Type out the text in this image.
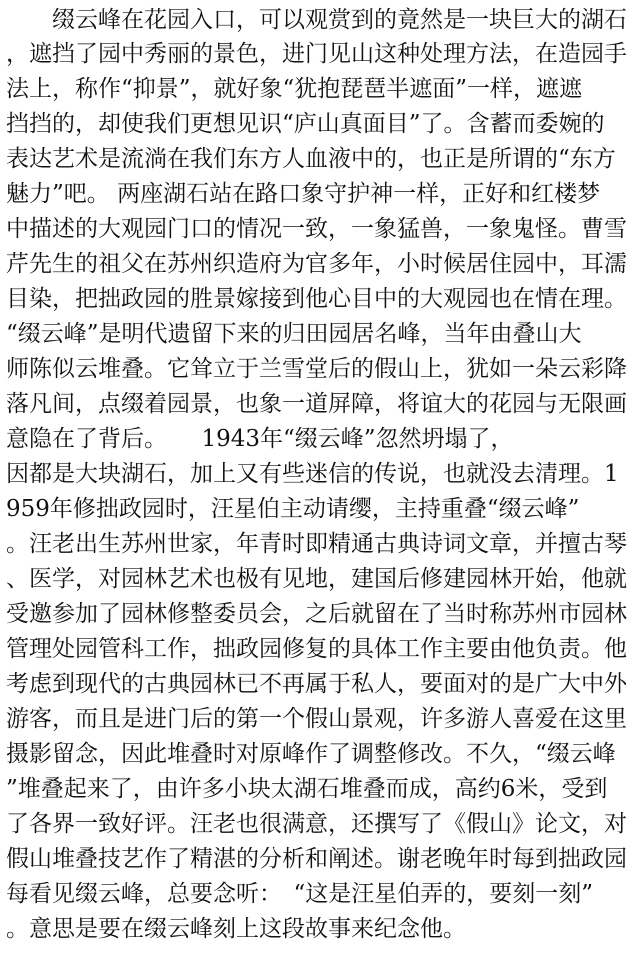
　　缀云峰在花园入口，可以观赏到的竟然是一块巨大的湖石
，遮挡了园中秀丽的景色，进门见山这种处理方法，在造园手
法上，称作“抑景”，就好象“犹抱琵琶半遮面”一样，遮遮
挡挡的，却使我们更想见识“庐山真面目”了。含蓄而委婉的
表达艺术是流淌在我们东方人血液中的，也正是所谓的“东方
魅力”吧。 两座湖石站在路口象守护神一样，正好和红楼梦
中描述的大观园门口的情况一致，一象猛兽，一象鬼怪。曹雪
芹先生的祖父在苏州织造府为官多年，小时候居住园中，耳濡
目染，把拙政园的胜景嫁接到他心目中的大观园也在情在理。
“缀云峰”是明代遗留下来的归田园居名峰，当年由叠山大
师陈似云堆叠。它耸立于兰雪堂后的假山上，犹如一朵云彩降
落凡间，点缀着园景，也象一道屏障，将谊大的花园与无限画
意隐在了背后。　　1943年“缀云峰”忽然坍塌了，
因都是大块湖石，加上又有些迷信的传说，也就没去清理。1
959年修拙政园时，汪星伯主动请缨，主持重叠“缀云峰”
。汪老出生苏州世家，年青时即精通古典诗词文章，并擅古琴
、医学，对园林艺术也极有见地，建国后修建园林开始，他就
受邀参加了园林修整委员会，之后就留在了当时称苏州市园林
管理处园管科工作，拙政园修复的具体工作主要由他负责。他
考虑到现代的古典园林已不再属于私人，要面对的是广大中外
游客，而且是进门后的第一个假山景观，许多游人喜爱在这里
摄影留念，因此堆叠时对原峰作了调整修改。不久，“缀云峰
”堆叠起来了，由许多小块太湖石堆叠而成，高约6米，受到
了各界一致好评。汪老也很满意，还撰写了《假山》论文，对
假山堆叠技艺作了精湛的分析和阐述。谢老晚年时每到拙政园
每看见缀云峰，总要念听：　“这是汪星伯弄的，要刻一刻”
。意思是要在缀云峰刻上这段故事来纪念他。
